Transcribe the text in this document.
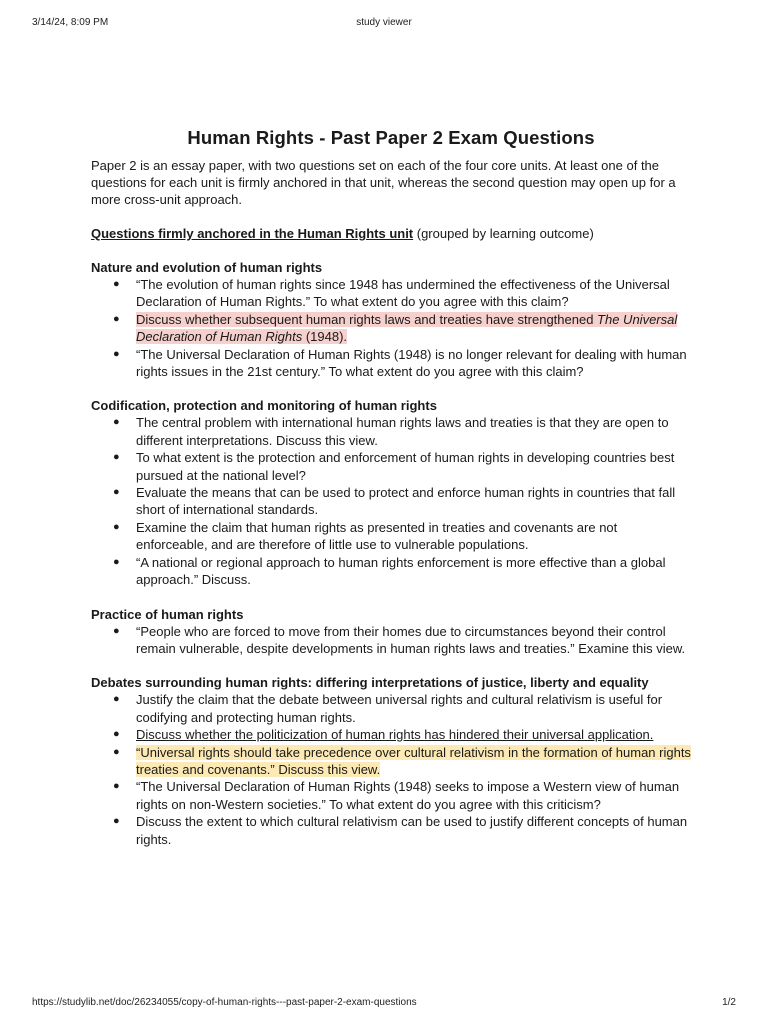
3/14/24, 8:09 PM	study viewer
Human Rights - Past Paper 2 Exam Questions

Paper 2 is an essay paper, with two questions set on each of the four core units. At least one of the questions for each unit is firmly anchored in that unit, whereas the second question may open up for a more cross-unit approach.

Questions firmly anchored in the Human Rights unit (grouped by learning outcome)

Nature and evolution of human rights

● “The evolution of human rights since 1948 has undermined the effectiveness of the Universal Declaration of Human Rights.” To what extent do you agree with this claim?
● Discuss whether subsequent human rights laws and treaties have strengthened The Universal Declaration of Human Rights (1948).
● “The Universal Declaration of Human Rights (1948) is no longer relevant for dealing with human rights issues in the 21st century.” To what extent do you agree with this claim?

Codification, protection and monitoring of human rights

● The central problem with international human rights laws and treaties is that they are open to different interpretations. Discuss this view.
● To what extent is the protection and enforcement of human rights in developing countries best pursued at the national level?
● Evaluate the means that can be used to protect and enforce human rights in countries that fall short of international standards.
● Examine the claim that human rights as presented in treaties and covenants are not enforceable, and are therefore of little use to vulnerable populations.
● “A national or regional approach to human rights enforcement is more effective than a global approach.” Discuss.

Practice of human rights

● “People who are forced to move from their homes due to circumstances beyond their control remain vulnerable, despite developments in human rights laws and treaties.” Examine this view.

Debates surrounding human rights: differing interpretations of justice, liberty and equality

● Justify the claim that the debate between universal rights and cultural relativism is useful for codifying and protecting human rights.
● Discuss whether the politicization of human rights has hindered their universal application.
● “Universal rights should take precedence over cultural relativism in the formation of human rights treaties and covenants.” Discuss this view.
● “The Universal Declaration of Human Rights (1948) seeks to impose a Western view of human rights on non-Western societies.” To what extent do you agree with this criticism?
● Discuss the extent to which cultural relativism can be used to justify different concepts of human rights.
https://studylib.net/doc/26234055/copy-of-human-rights---past-paper-2-exam-questions	1/2
